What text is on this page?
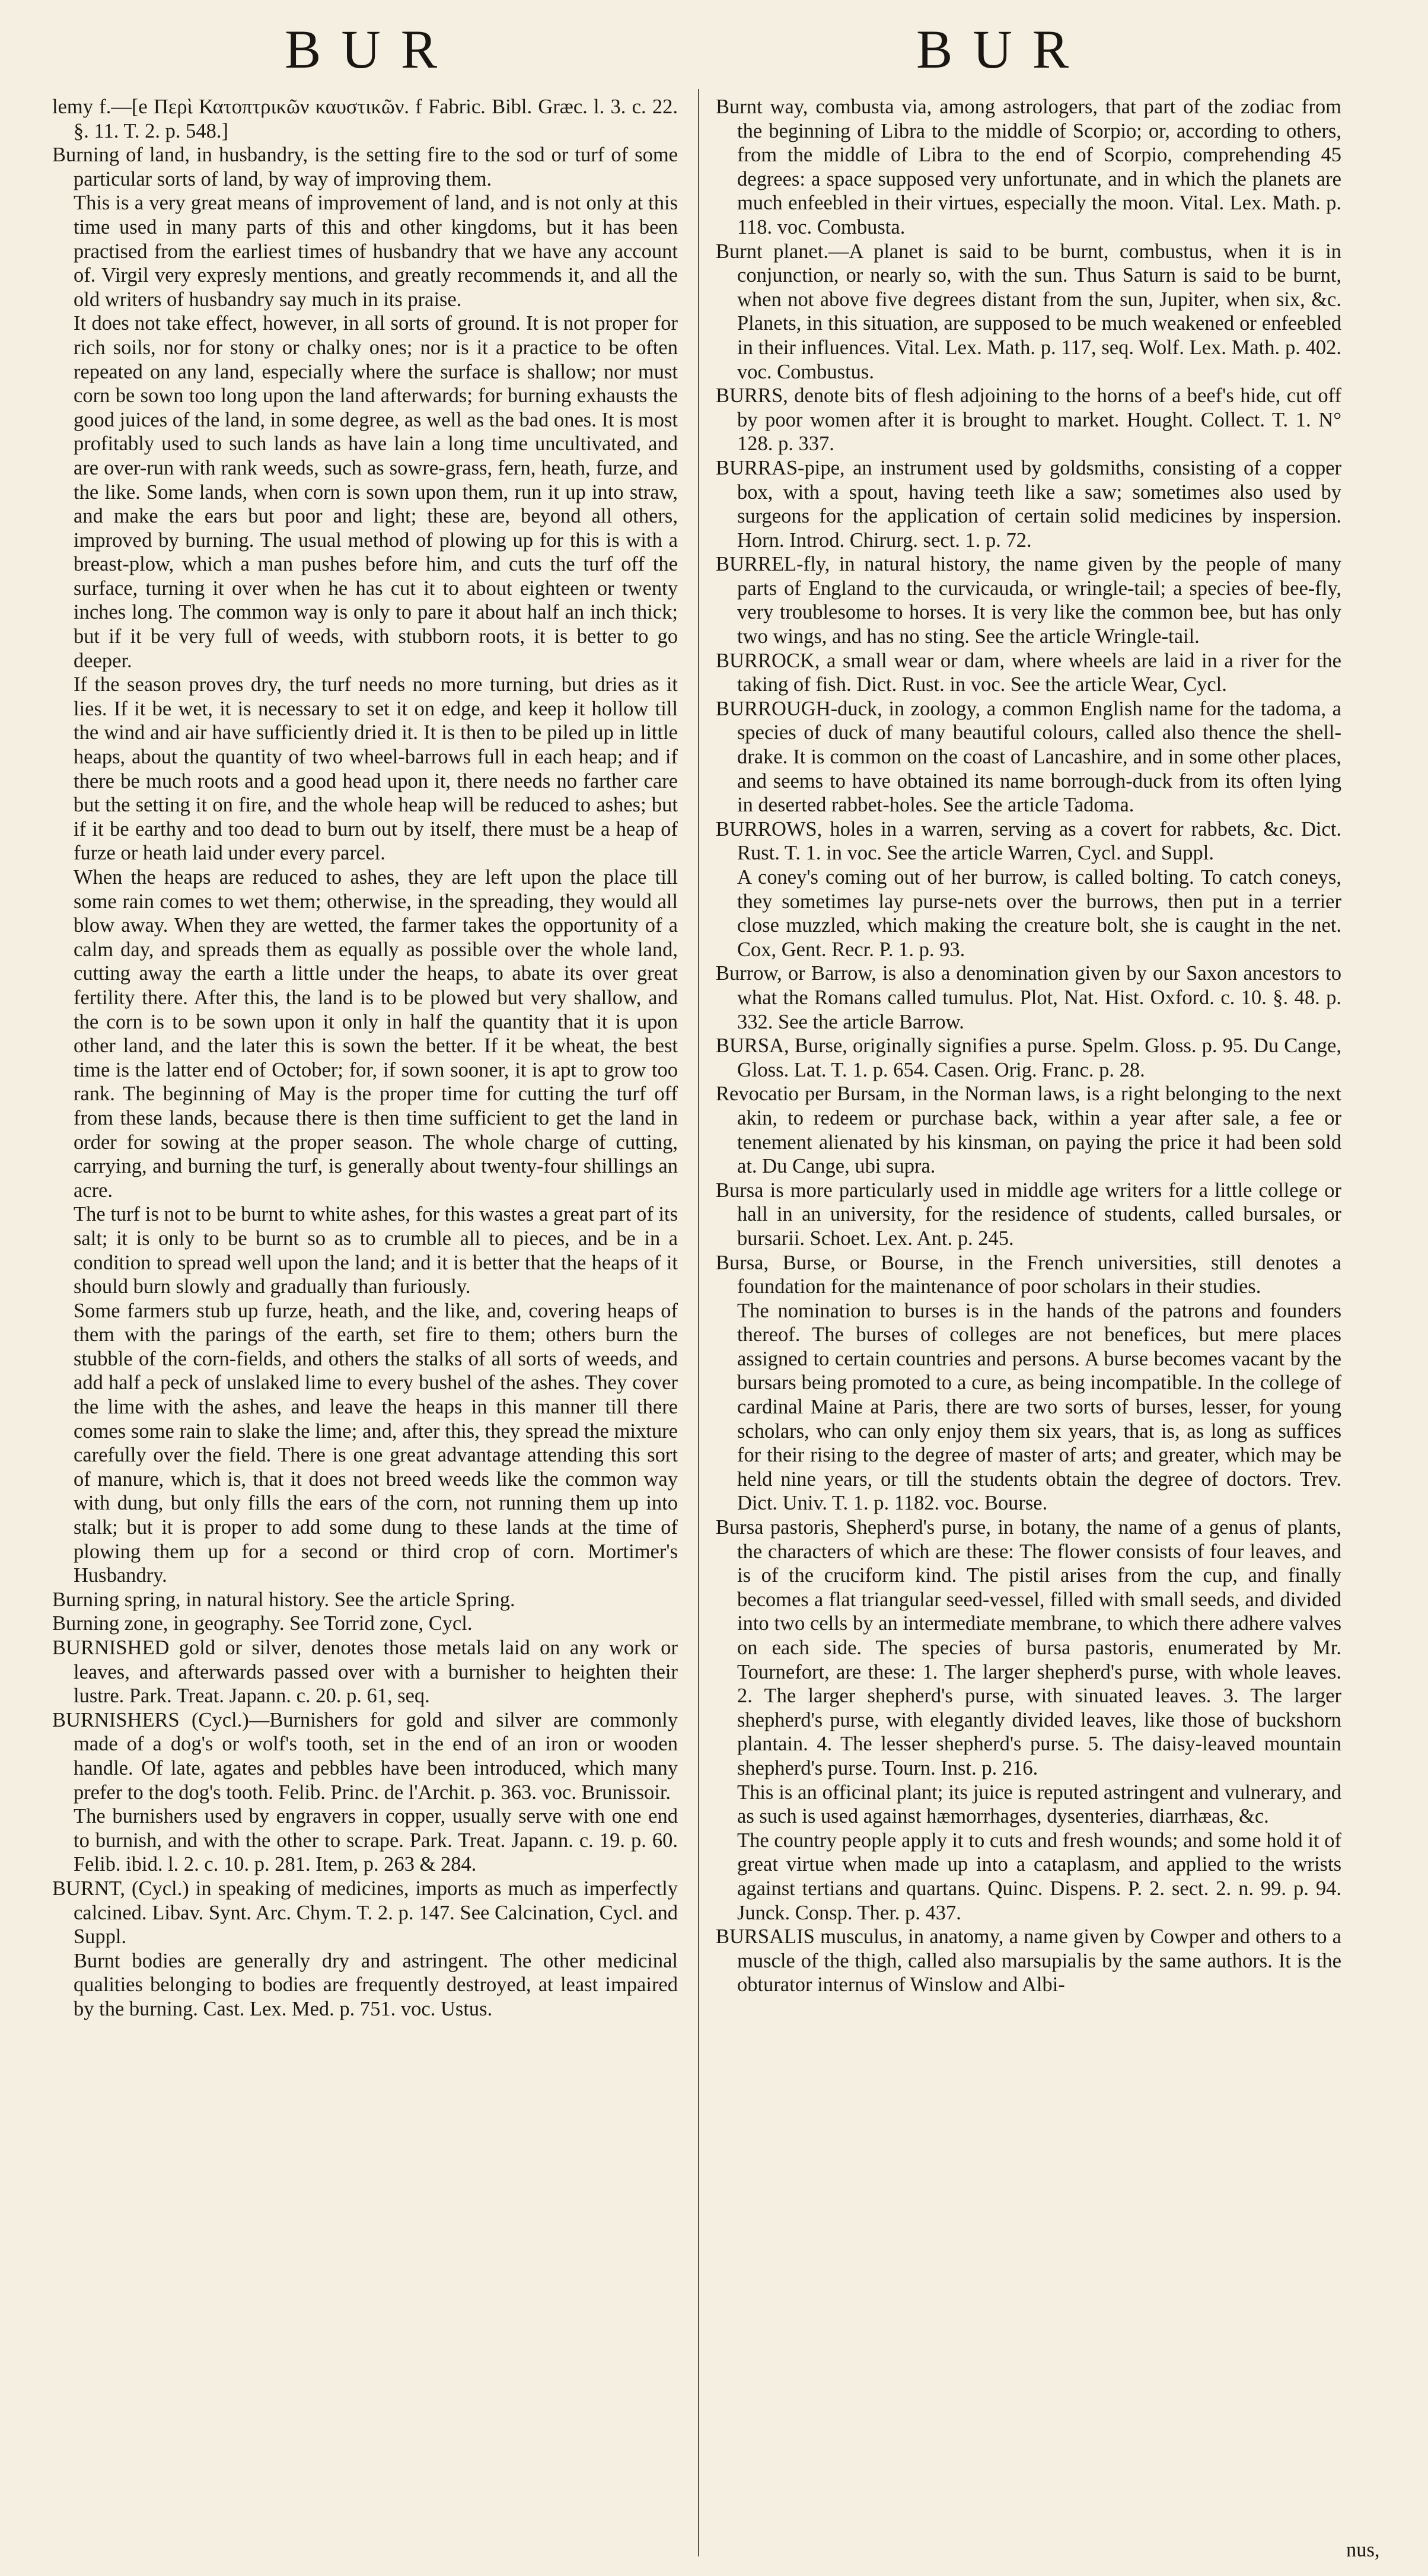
BUR	BUR

lemy f.—[e Περὶ Κατοπτρικῶν καυστικῶν. f Fabric. Bibl. Græc. l. 3. c. 22. §. 11. T. 2. p. 548.]

Burning of land, in husbandry, is the setting fire to the sod or turf of some particular sorts of land, by way of improving them.

This is a very great means of improvement of land, and is not only at this time used in many parts of this and other kingdoms, but it has been practised from the earliest times of husbandry that we have any account of. Virgil very expresly mentions, and greatly recommends it, and all the old writers of husbandry say much in its praise.

It does not take effect, however, in all sorts of ground. It is not proper for rich soils, nor for stony or chalky ones; nor is it a practice to be often repeated on any land, especially where the surface is shallow; nor must corn be sown too long upon the land afterwards; for burning exhausts the good juices of the land, in some degree, as well as the bad ones. It is most profitably used to such lands as have lain a long time uncultivated, and are over-run with rank weeds, such as sowre-grass, fern, heath, furze, and the like. Some lands, when corn is sown upon them, run it up into straw, and make the ears but poor and light; these are, beyond all others, improved by burning. The usual method of plowing up for this is with a breast-plow, which a man pushes before him, and cuts the turf off the surface, turning it over when he has cut it to about eighteen or twenty inches long. The common way is only to pare it about half an inch thick; but if it be very full of weeds, with stubborn roots, it is better to go deeper.

If the season proves dry, the turf needs no more turning, but dries as it lies. If it be wet, it is necessary to set it on edge, and keep it hollow till the wind and air have sufficiently dried it. It is then to be piled up in little heaps, about the quantity of two wheel-barrows full in each heap; and if there be much roots and a good head upon it, there needs no farther care but the setting it on fire, and the whole heap will be reduced to ashes; but if it be earthy and too dead to burn out by itself, there must be a heap of furze or heath laid under every parcel.

When the heaps are reduced to ashes, they are left upon the place till some rain comes to wet them; otherwise, in the spreading, they would all blow away. When they are wetted, the farmer takes the opportunity of a calm day, and spreads them as equally as possible over the whole land, cutting away the earth a little under the heaps, to abate its over great fertility there. After this, the land is to be plowed but very shallow, and the corn is to be sown upon it only in half the quantity that it is upon other land, and the later this is sown the better. If it be wheat, the best time is the latter end of October; for, if sown sooner, it is apt to grow too rank. The beginning of May is the proper time for cutting the turf off from these lands, because there is then time sufficient to get the land in order for sowing at the proper season. The whole charge of cutting, carrying, and burning the turf, is generally about twenty-four shillings an acre.

The turf is not to be burnt to white ashes, for this wastes a great part of its salt; it is only to be burnt so as to crumble all to pieces, and be in a condition to spread well upon the land; and it is better that the heaps of it should burn slowly and gradually than furiously.

Some farmers stub up furze, heath, and the like, and, covering heaps of them with the parings of the earth, set fire to them; others burn the stubble of the corn-fields, and others the stalks of all sorts of weeds, and add half a peck of unslaked lime to every bushel of the ashes. They cover the lime with the ashes, and leave the heaps in this manner till there comes some rain to slake the lime; and, after this, they spread the mixture carefully over the field. There is one great advantage attending this sort of manure, which is, that it does not breed weeds like the common way with dung, but only fills the ears of the corn, not running them up into stalk; but it is proper to add some dung to these lands at the time of plowing them up for a second or third crop of corn. Mortimer's Husbandry.

Burning spring, in natural history. See the article Spring.

Burning zone, in geography. See Torrid zone, Cycl.

BURNISHED gold or silver, denotes those metals laid on any work or leaves, and afterwards passed over with a burnisher to heighten their lustre. Park. Treat. Japann. c. 20. p. 61, seq.

BURNISHERS (Cycl.)—Burnishers for gold and silver are commonly made of a dog's or wolf's tooth, set in the end of an iron or wooden handle. Of late, agates and pebbles have been introduced, which many prefer to the dog's tooth. Felib. Princ. de l'Archit. p. 363. voc. Brunissoir.

The burnishers used by engravers in copper, usually serve with one end to burnish, and with the other to scrape. Park. Treat. Japann. c. 19. p. 60. Felib. ibid. l. 2. c. 10. p. 281. Item, p. 263 & 284.

BURNT, (Cycl.) in speaking of medicines, imports as much as imperfectly calcined. Libav. Synt. Arc. Chym. T. 2. p. 147. See Calcination, Cycl. and Suppl.

Burnt bodies are generally dry and astringent. The other medicinal qualities belonging to bodies are frequently destroyed, at least impaired by the burning. Cast. Lex. Med. p. 751. voc. Ustus.

Burnt way, combusta via, among astrologers, that part of the zodiac from the beginning of Libra to the middle of Scorpio; or, according to others, from the middle of Libra to the end of Scorpio, comprehending 45 degrees: a space supposed very unfortunate, and in which the planets are much enfeebled in their virtues, especially the moon. Vital. Lex. Math. p. 118. voc. Combusta.

Burnt planet.—A planet is said to be burnt, combustus, when it is in conjunction, or nearly so, with the sun. Thus Saturn is said to be burnt, when not above five degrees distant from the sun, Jupiter, when six, &c. Planets, in this situation, are supposed to be much weakened or enfeebled in their influences. Vital. Lex. Math. p. 117, seq. Wolf. Lex. Math. p. 402. voc. Combustus.

BURRS, denote bits of flesh adjoining to the horns of a beef's hide, cut off by poor women after it is brought to market. Hought. Collect. T. 1. N° 128. p. 337.

BURRAS-pipe, an instrument used by goldsmiths, consisting of a copper box, with a spout, having teeth like a saw; sometimes also used by surgeons for the application of certain solid medicines by inspersion. Horn. Introd. Chirurg. sect. 1. p. 72.

BURREL-fly, in natural history, the name given by the people of many parts of England to the curvicauda, or wringle-tail; a species of bee-fly, very troublesome to horses. It is very like the common bee, but has only two wings, and has no sting. See the article Wringle-tail.

BURROCK, a small wear or dam, where wheels are laid in a river for the taking of fish. Dict. Rust. in voc. See the article Wear, Cycl.

BURROUGH-duck, in zoology, a common English name for the tadoma, a species of duck of many beautiful colours, called also thence the shell-drake. It is common on the coast of Lancashire, and in some other places, and seems to have obtained its name borrough-duck from its often lying in deserted rabbet-holes. See the article Tadoma.

BURROWS, holes in a warren, serving as a covert for rabbets, &c. Dict. Rust. T. 1. in voc. See the article Warren, Cycl. and Suppl.

A coney's coming out of her burrow, is called bolting. To catch coneys, they sometimes lay purse-nets over the burrows, then put in a terrier close muzzled, which making the creature bolt, she is caught in the net. Cox, Gent. Recr. P. 1. p. 93.

Burrow, or Barrow, is also a denomination given by our Saxon ancestors to what the Romans called tumulus. Plot, Nat. Hist. Oxford. c. 10. §. 48. p. 332. See the article Barrow.

BURSA, Burse, originally signifies a purse. Spelm. Gloss. p. 95. Du Cange, Gloss. Lat. T. 1. p. 654. Casen. Orig. Franc. p. 28.

Revocatio per Bursam, in the Norman laws, is a right belonging to the next akin, to redeem or purchase back, within a year after sale, a fee or tenement alienated by his kinsman, on paying the price it had been sold at. Du Cange, ubi supra.

Bursa is more particularly used in middle age writers for a little college or hall in an university, for the residence of students, called bursales, or bursarii. Schoet. Lex. Ant. p. 245.

Bursa, Burse, or Bourse, in the French universities, still denotes a foundation for the maintenance of poor scholars in their studies.

The nomination to burses is in the hands of the patrons and founders thereof. The burses of colleges are not benefices, but mere places assigned to certain countries and persons. A burse becomes vacant by the bursars being promoted to a cure, as being incompatible. In the college of cardinal Maine at Paris, there are two sorts of burses, lesser, for young scholars, who can only enjoy them six years, that is, as long as suffices for their rising to the degree of master of arts; and greater, which may be held nine years, or till the students obtain the degree of doctors. Trev. Dict. Univ. T. 1. p. 1182. voc. Bourse.

Bursa pastoris, Shepherd's purse, in botany, the name of a genus of plants, the characters of which are these: The flower consists of four leaves, and is of the cruciform kind. The pistil arises from the cup, and finally becomes a flat triangular seed-vessel, filled with small seeds, and divided into two cells by an intermediate membrane, to which there adhere valves on each side. The species of bursa pastoris, enumerated by Mr. Tournefort, are these: 1. The larger shepherd's purse, with whole leaves. 2. The larger shepherd's purse, with sinuated leaves. 3. The larger shepherd's purse, with elegantly divided leaves, like those of buckshorn plantain. 4. The lesser shepherd's purse. 5. The daisy-leaved mountain shepherd's purse. Tourn. Inst. p. 216.

This is an officinal plant; its juice is reputed astringent and vulnerary, and as such is used against hæmorrhages, dysenteries, diarrhæas, &c.

The country people apply it to cuts and fresh wounds; and some hold it of great virtue when made up into a cataplasm, and applied to the wrists against tertians and quartans. Quinc. Dispens. P. 2. sect. 2. n. 99. p. 94. Junck. Consp. Ther. p. 437.

BURSALIS musculus, in anatomy, a name given by Cowper and others to a muscle of the thigh, called also marsupialis by the same authors. It is the obturator internus of Winslow and Albi-

nus,
